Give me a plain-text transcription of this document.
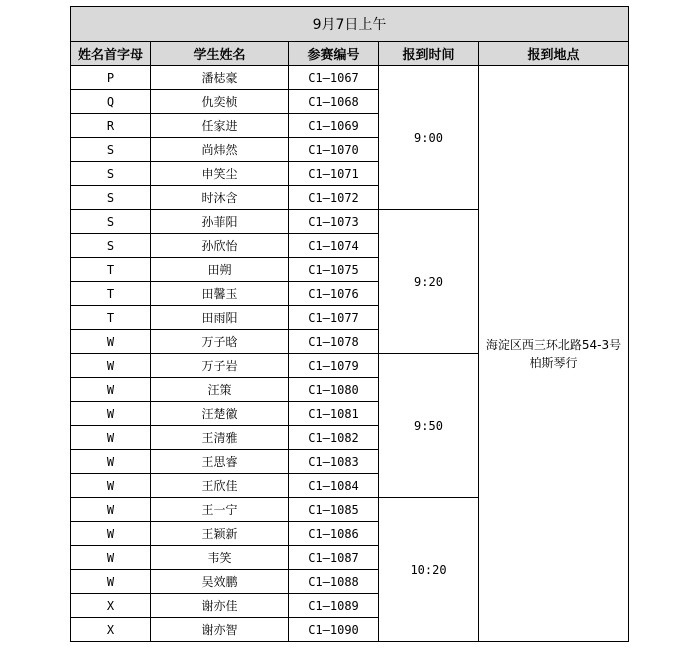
9月7日上午				
姓名首字母	学生姓名	参赛编号	报到时间	报到地点
P	潘梽豪	C1—1067	9:00	海淀区西三环北路54-3号 柏斯琴行
Q	仇奕桢	C1—1068		
R	任家进	C1—1069		
S	尚炜然	C1—1070		
S	申笑尘	C1—1071		
S	时沐含	C1—1072		
S	孙菲阳	C1—1073	9:20	
S	孙欣怡	C1—1074		
T	田朔	C1—1075		
T	田馨玉	C1—1076		
T	田雨阳	C1—1077		
W	万子晗	C1—1078		
W	万子岩	C1—1079	9:50	
W	汪策	C1—1080		
W	汪楚徽	C1—1081		
W	王清雅	C1—1082		
W	王思睿	C1—1083		
W	王欣佳	C1—1084		
W	王一宁	C1—1085	10:20	
W	王颖新	C1—1086		
W	韦笑	C1—1087		
W	吴效鹏	C1—1088		
X	谢亦佳	C1—1089		
X	谢亦智	C1—1090		
